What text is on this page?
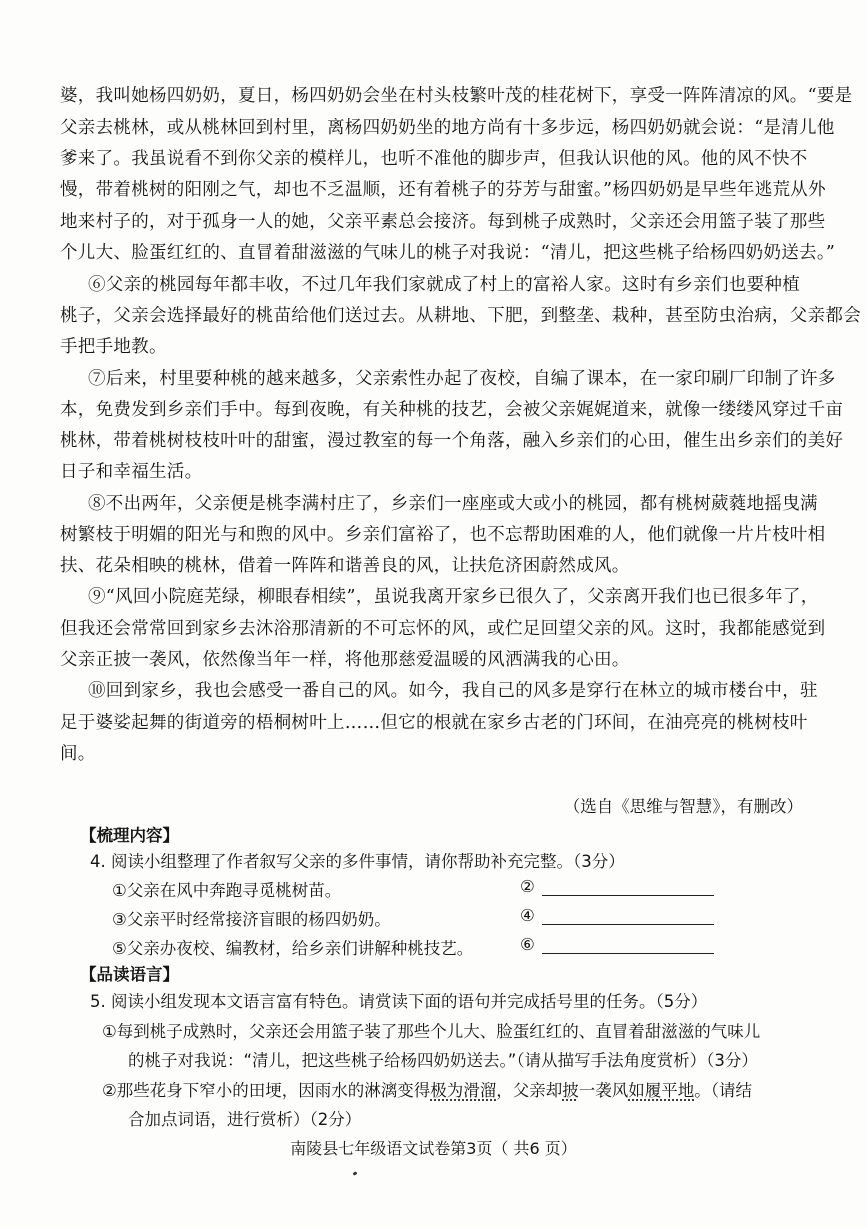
婆，我叫她杨四奶奶，夏日，杨四奶奶会坐在村头枝繁叶茂的桂花树下，享受一阵阵清凉的风。“要是
父亲去桃林，或从桃林回到村里，离杨四奶奶坐的地方尚有十多步远，杨四奶奶就会说：“是清儿他
爹来了。我虽说看不到你父亲的模样儿，也听不准他的脚步声，但我认识他的风。他的风不快不
慢，带着桃树的阳刚之气，却也不乏温顺，还有着桃子的芬芳与甜蜜。”杨四奶奶是早些年逃荒从外
地来村子的，对于孤身一人的她，父亲平素总会接济。每到桃子成熟时，父亲还会用篮子装了那些
个儿大、脸蛋红红的、直冒着甜滋滋的气味儿的桃子对我说：“清儿，把这些桃子给杨四奶奶送去。”
⑥父亲的桃园每年都丰收，不过几年我们家就成了村上的富裕人家。这时有乡亲们也要种植
桃子，父亲会选择最好的桃苗给他们送过去。从耕地、下肥，到整垄、栽种，甚至防虫治病，父亲都会
手把手地教。
⑦后来，村里要种桃的越来越多，父亲索性办起了夜校，自编了课本，在一家印刷厂印制了许多
本，免费发到乡亲们手中。每到夜晚，有关种桃的技艺，会被父亲娓娓道来，就像一缕缕风穿过千亩
桃林，带着桃树枝枝叶叶的甜蜜，漫过教室的每一个角落，融入乡亲们的心田，催生出乡亲们的美好
日子和幸福生活。
⑧不出两年，父亲便是桃李满村庄了，乡亲们一座座或大或小的桃园，都有桃树葳蕤地摇曳满
树繁枝于明媚的阳光与和煦的风中。乡亲们富裕了，也不忘帮助困难的人，他们就像一片片枝叶相
扶、花朵相映的桃林，借着一阵阵和谐善良的风，让扶危济困蔚然成风。
⑨“风回小院庭芜绿，柳眼春相续”，虽说我离开家乡已很久了，父亲离开我们也已很多年了，
但我还会常常回到家乡去沐浴那清新的不可忘怀的风，或伫足回望父亲的风。这时，我都能感觉到
父亲正披一袭风，依然像当年一样，将他那慈爱温暖的风洒满我的心田。
⑩回到家乡，我也会感受一番自己的风。如今，我自己的风多是穿行在林立的城市楼台中，驻
足于婆娑起舞的街道旁的梧桐树叶上……但它的根就在家乡古老的门环间，在油亮亮的桃树枝叶
间。
（选自《思维与智慧》，有删改）
【梳理内容】
4. 阅读小组整理了作者叙写父亲的多件事情，请你帮助补充完整。（3分）
①父亲在风中奔跑寻觅桃树苗。
③父亲平时经常接济盲眼的杨四奶奶。
⑤父亲办夜校、编教材，给乡亲们讲解种桃技艺。
②
④
⑥
【品读语言】
5. 阅读小组发现本文语言富有特色。请赏读下面的语句并完成括号里的任务。（5分）
①每到桃子成熟时，父亲还会用篮子装了那些个儿大、脸蛋红红的、直冒着甜滋滋的气味儿
的桃子对我说：“清儿，把这些桃子给杨四奶奶送去。”（请从描写手法角度赏析）（3分）
②那些花身下窄小的田埂，因雨水的淋漓变得极为滑溜，父亲却披一袭风如履平地。（请结
合加点词语，进行赏析）（2分）
南陵县七年级语文试卷第3页（ 共6 页）
